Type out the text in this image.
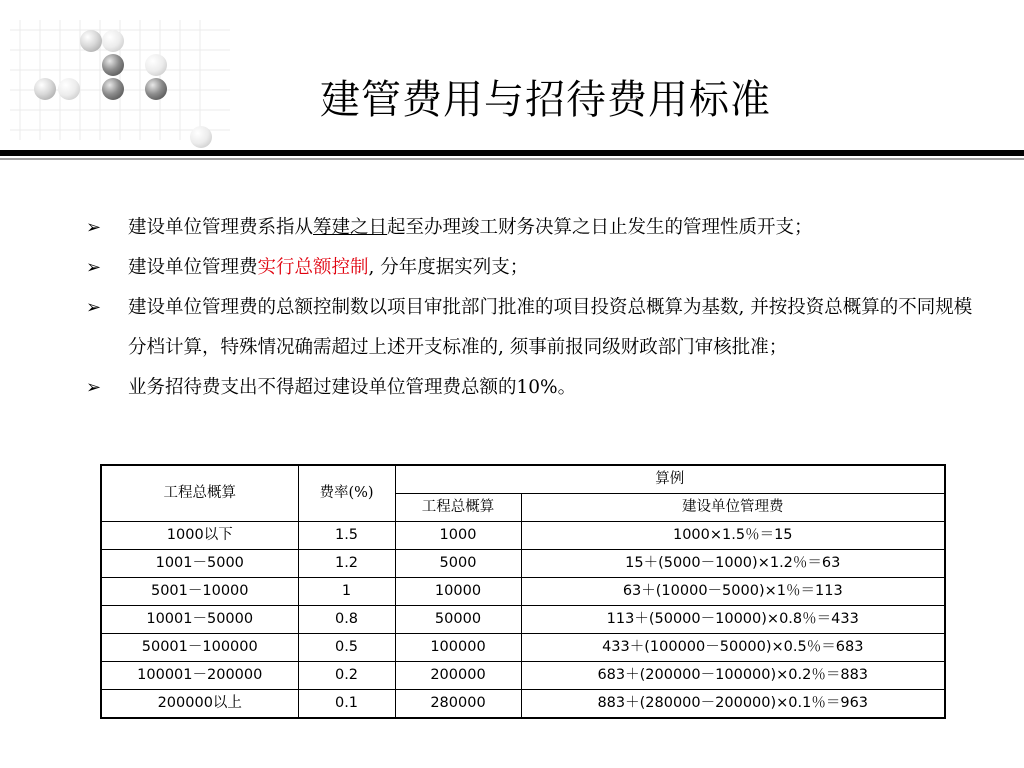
建管费用与招待费用标准
➢ 建设单位管理费系指从筹建之日起至办理竣工财务决算之日止发生的管理性质开支；
➢ 建设单位管理费实行总额控制, 分年度据实列支；
➢ 建设单位管理费的总额控制数以项目审批部门批准的项目投资总概算为基数, 并按投资总概算的不同规模分档计算，特殊情况确需超过上述开支标准的, 须事前报同级财政部门审核批准；
➢ 业务招待费支出不得超过建设单位管理费总额的10%。
工程总概算	费率(%)	算例	
		工程总概算	建设单位管理费
1000以下	1.5	1000	1000×1.5％＝15
1001－5000	1.2	5000	15＋(5000－1000)×1.2％＝63
5001－10000	1	10000	63＋(10000－5000)×1％＝113
10001－50000	0.8	50000	113＋(50000－10000)×0.8％＝433
50001－100000	0.5	100000	433＋(100000－50000)×0.5％＝683
100001－200000	0.2	200000	683＋(200000－100000)×0.2％＝883
200000以上	0.1	280000	883＋(280000－200000)×0.1％＝963
